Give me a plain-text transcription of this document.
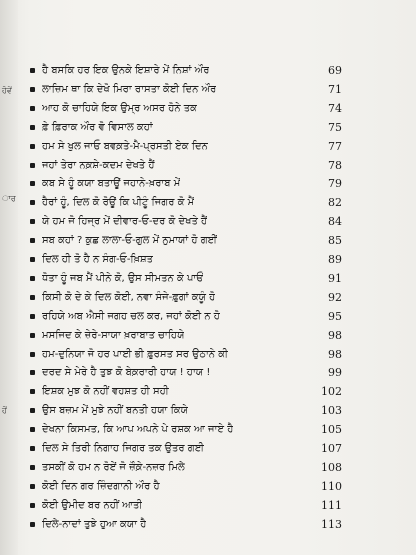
ਹੋਵੇਂ
ਾਰ
ਹੋਂ
ਹੈ ਬਸਕਿ ਹਰ ਇਕ ਉਨਕੇ ਇਸ਼ਾਰੇ ਮੇਂ ਨਿਸ਼ਾਂ ਔਰ	69
ਲਾਜ਼ਿਮ ਥਾ ਕਿ ਦੇਖੋ ਮਿਰਾ ਰਾਸਤਾ ਕੋਈ ਦਿਨ ਔਰ	71
ਆਹ ਕੋ ਚਾਹਿਯੇ ਇਕ ਉਮ੍ਰ ਅਸਰ ਹੋਨੇ ਤਕ	74
ਫ਼ੇ ਫ਼ਿਰਾਕ ਔਰ ਵੋ ਵਿਸਾਲ ਕਹਾਂ	75
ਹਮ ਸੇ ਖੁਲ ਜਾਓ ਬਵਕ਼ਤੇ-ਮੈ-ਪ੍ਰਸਤੀ ਏਕ ਦਿਨ	77
ਜਹਾਂ ਤੇਰਾ ਨਕ਼ਸ਼ੇ-ਕਦਮ ਦੇਖਤੇ ਹੈਂ	78
ਕਬ ਸੇ ਹੂੰ ਕਯਾ ਬਤਾਊਂ ਜਹਾਨੇ-ਖ਼ਰਾਬ ਮੇਂ	79
ਹੈਰਾਂ ਹੂੰ, ਦਿਲ ਕੋ ਰੋਊਂ ਕਿ ਪੀਟੂੰ ਜਿਗਰ ਕੋ ਮੈਂ	82
ਯੇ ਹਮ ਜੋ ਹਿਜ੍ਰ ਮੇਂ ਦੀਵਾਰ-ਓ-ਦਰ ਕੋ ਦੇਖਤੇ ਹੈਂ	84
ਸਬ ਕਹਾਂ ? ਕੁਛ ਲਾਲਾ-ਓ-ਗੁਲ ਮੇਂ ਨੁਮਾਯਾਂ ਹੋ ਗਈਂ	85
ਦਿਲ ਹੀ ਤੋ ਹੈ ਨ ਸੰਗ-ਓ-ਖ਼ਿਸ਼ਤ	89
ਧੋਤਾ ਹੂੰ ਜਬ ਮੈਂ ਪੀਨੇ ਕੋ, ਉਸ ਸੀਮਤਨ ਕੇ ਪਾਓਂ	91
ਕਿਸੀ ਕੋ ਦੇ ਕੇ ਦਿਲ ਕੋਈ, ਨਵਾ ਸੰਜੇ-ਫ਼ੁਗਾਂ ਕਯੂੰ ਹੋ	92
ਰਹਿਯੇ ਅਬ ਐਸੀ ਜਗਹ ਚਲ ਕਰ, ਜਹਾਂ ਕੋਈ ਨ ਹੋ	95
ਮਸਜਿਦ ਕੇ ਜ਼ੇਰੇ-ਸਾਯਾ ਖ਼ਰਾਬਾਤ ਚਾਹਿਯੇ	98
ਹਮ-ਦੁਨਿਯਾ ਜੋ ਹਰ ਪਾਈ ਭੀ ਫ਼ੁਰਸਤ ਸਰ ਉਠਾਨੇ ਕੀ	98
ਦਰਦ ਸੇ ਮੇਰੇ ਹੈ ਤੁਝ ਕੋ ਬੇਕ਼ਰਾਰੀ ਹਾਯ ! ਹਾਯ !	99
ਇਸ਼ਕ ਮੁਝ ਕੋ ਨਹੀਂ ਵਹਸ਼ਤ ਹੀ ਸਹੀ	102
ਉਸ ਬਜ਼ਮ ਮੇਂ ਮੁਝੇ ਨਹੀਂ ਬਨਤੀ ਹਯਾ ਕਿਯੇ	103
ਦੇਖਨਾ ਕਿਸਮਤ, ਕਿ ਆਪ ਅਪਨੇ ਪੇ ਰਸ਼ਕ ਆ ਜਾਏ ਹੈ	105
ਦਿਲ ਸੇ ਤਿਰੀ ਨਿਗਾਹ ਜਿਗਰ ਤਕ ਉਤਰ ਗਈ	107
ਤਸਕੀਂ ਕੋ ਹਮ ਨ ਰੋਏਂ ਜੋ ਜ਼ੌਕ਼ੇ-ਨਜ਼ਰ ਮਿਲੇ	108
ਕੋਈ ਦਿਨ ਗਰ ਜ਼ਿੰਦਗਾਨੀ ਔਰ ਹੈ	110
ਕੋਈ ਉਮੀਦ ਬਰ ਨਹੀਂ ਆਤੀ	111
ਦਿਲੇ-ਨਾਦਾਂ ਤੁਝੇ ਹੁਆ ਕਯਾ ਹੈ	113
